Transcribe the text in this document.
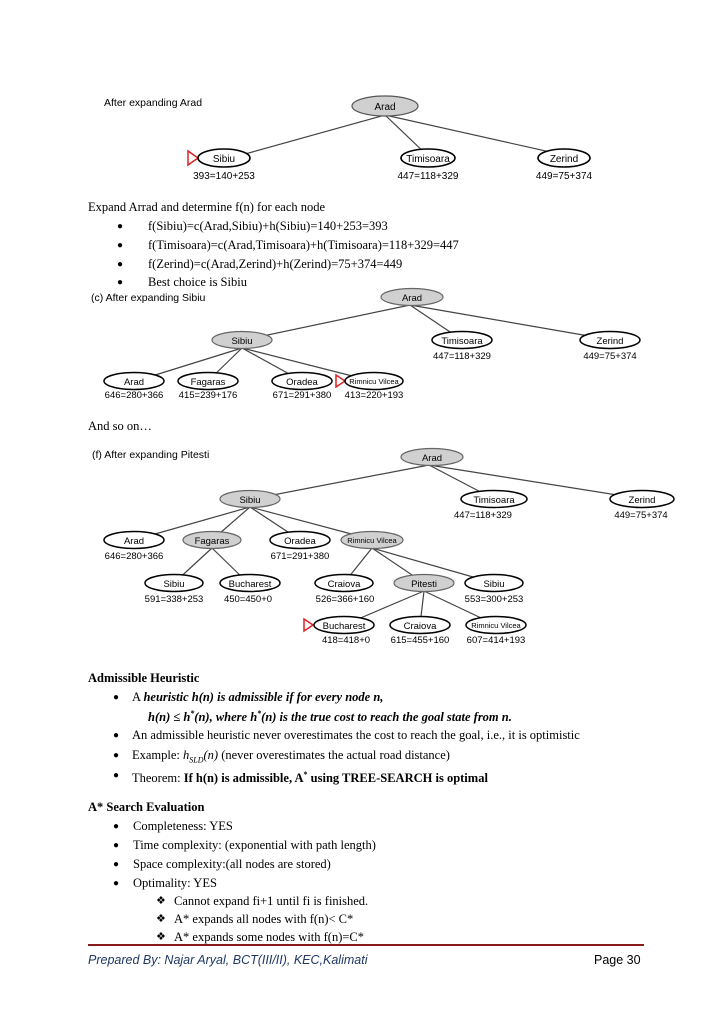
After expanding Arad	Arad
Sibiu
393=140+253
Timisoara
447=118+329
Zerind
449=75+374
Expand Arrad and determine f(n) for each node
● f(Sibiu)=c(Arad,Sibiu)+h(Sibiu)=140+253=393
● f(Timisoara)=c(Arad,Timisoara)+h(Timisoara)=118+329=447
● f(Zerind)=c(Arad,Zerind)+h(Zerind)=75+374=449
● Best choice is Sibiu
(c) After expanding Sibiu	Arad
Sibiu	Timisoara
447=118+329
Zerind
449=75+374
Arad
646=280+366
Fagaras
415=239+176
Oradea
671=291+380
Rimnicu Vilcea
413=220+193
And so on…
(f) After expanding Pitesti	Arad
Sibiu	Timisoara
447=118+329
Zerind
449=75+374
Arad
646=280+366
Fagaras	Oradea
671=291+380
Rimnicu Vilcea
Sibiu
591=338+253
Bucharest
450=450+0
Craiova
526=366+160
Pitesti	Sibiu
553=300+253
Bucharest
418=418+0
Craiova
615=455+160
Rimnicu Vilcea
607=414+193
Admissible Heuristic
● A heuristic h(n) is admissible if for every node n,
h(n) ≤ h*(n), where h*(n) is the true cost to reach the goal state from n.
● An admissible heuristic never overestimates the cost to reach the goal, i.e., it is optimistic
● Example: $h_{SLD}(n)$ (never overestimates the actual road distance)
● Theorem: If h(n) is admissible, A* using TREE-SEARCH is optimal
A* Search Evaluation
● Completeness: YES
● Time complexity: (exponential with path length)
● Space complexity:(all nodes are stored)
● Optimality: YES
❖ Cannot expand fi+1 until fi is finished.
❖ A* expands all nodes with f(n)< C*
❖ A* expands some nodes with f(n)=C*
Prepared By: Najar Aryal, BCT(III/II), KEC,Kalimati	Page 30
